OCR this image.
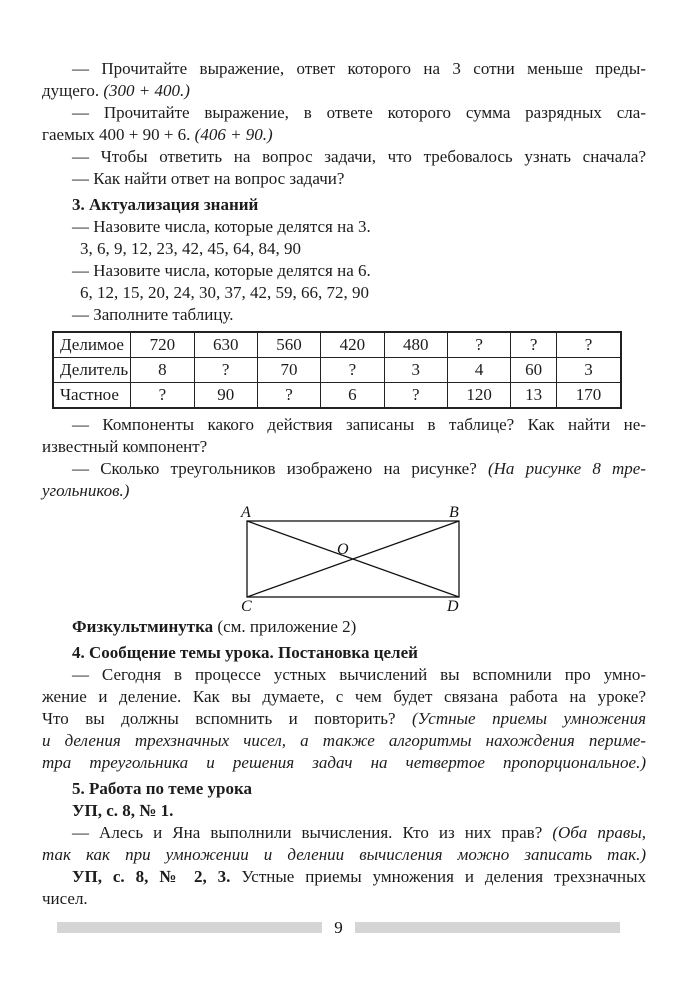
— Прочитайте выражение, ответ которого на 3 сотни меньше преды-
дущего. (300 + 400.)
— Прочитайте выражение, в ответе которого сумма разрядных сла-
гаемых 400 + 90 + 6. (406 + 90.)
— Чтобы ответить на вопрос задачи, что требовалось узнать сначала?
— Как найти ответ на вопрос задачи?
3. Актуализация знаний
— Назовите числа, которые делятся на 3.
3, 6, 9, 12, 23, 42, 45, 64, 84, 90
— Назовите числа, которые делятся на 6.
6, 12, 15, 20, 24, 30, 37, 42, 59, 66, 72, 90
— Заполните таблицу.
Делимое	720	630	560	420	480	?	?	?
Делитель	8	?	70	?	3	4	60	3
Частное	?	90	?	6	?	120	13	170
— Компоненты какого действия записаны в таблице? Как найти не-
известный компонент?
— Сколько треугольников изображено на рисунке? (На рисунке 8 тре-
угольников.)
A	B
C	D
O
Физкультминутка (см. приложение 2)
4. Сообщение темы урока. Постановка целей
— Сегодня в процессе устных вычислений вы вспомнили про умно-
жение и деление. Как вы думаете, с чем будет связана работа на уроке?
Что вы должны вспомнить и повторить? (Устные приемы умножения
и деления трехзначных чисел, а также алгоритмы нахождения периме-
тра треугольника и решения задач на четвертое пропорциональное.)
5. Работа по теме урока
УП, с. 8, № 1.
— Алесь и Яна выполнили вычисления. Кто из них прав? (Оба правы,
так как при умножении и делении вычисления можно записать так.)
УП, с. 8, № 2, 3. Устные приемы умножения и деления трехзначных
чисел.
9
